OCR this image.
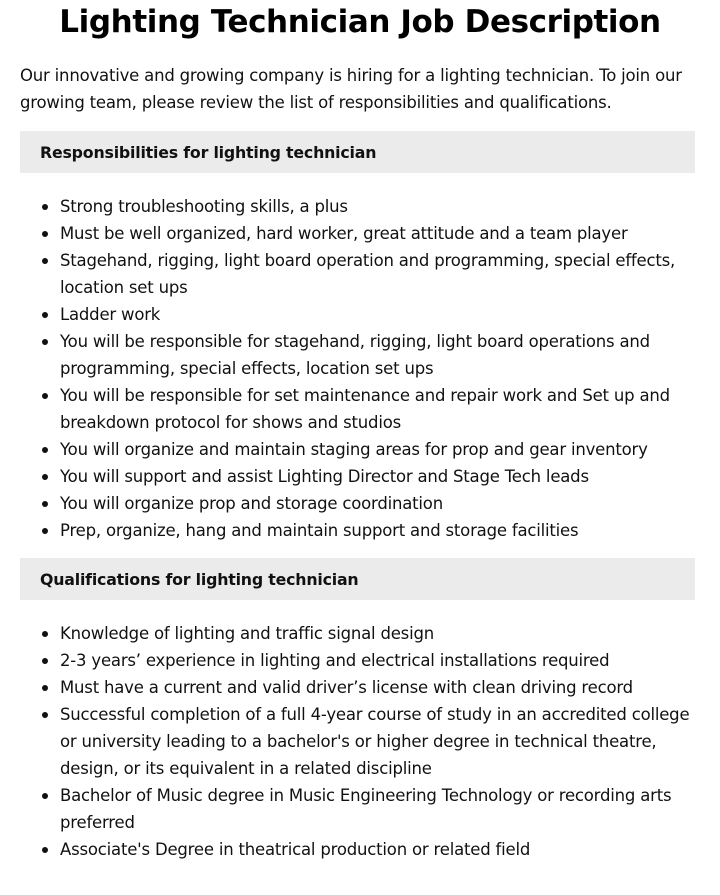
Lighting Technician Job Description

Our innovative and growing company is hiring for a lighting technician. To join our growing team, please review the list of responsibilities and qualifications.

Responsibilities for lighting technician
Strong troubleshooting skills, a plus
Must be well organized, hard worker, great attitude and a team player
Stagehand, rigging, light board operation and programming, special effects, location set ups
Ladder work
You will be responsible for stagehand, rigging, light board operations and programming, special effects, location set ups
You will be responsible for set maintenance and repair work and Set up and breakdown protocol for shows and studios
You will organize and maintain staging areas for prop and gear inventory
You will support and assist Lighting Director and Stage Tech leads
You will organize prop and storage coordination
Prep, organize, hang and maintain support and storage facilities
Qualifications for lighting technician
Knowledge of lighting and traffic signal design
2-3 years’ experience in lighting and electrical installations required
Must have a current and valid driver’s license with clean driving record
Successful completion of a full 4-year course of study in an accredited college or university leading to a bachelor's or higher degree in technical theatre, design, or its equivalent in a related discipline
Bachelor of Music degree in Music Engineering Technology or recording arts preferred
Associate's Degree in theatrical production or related field
